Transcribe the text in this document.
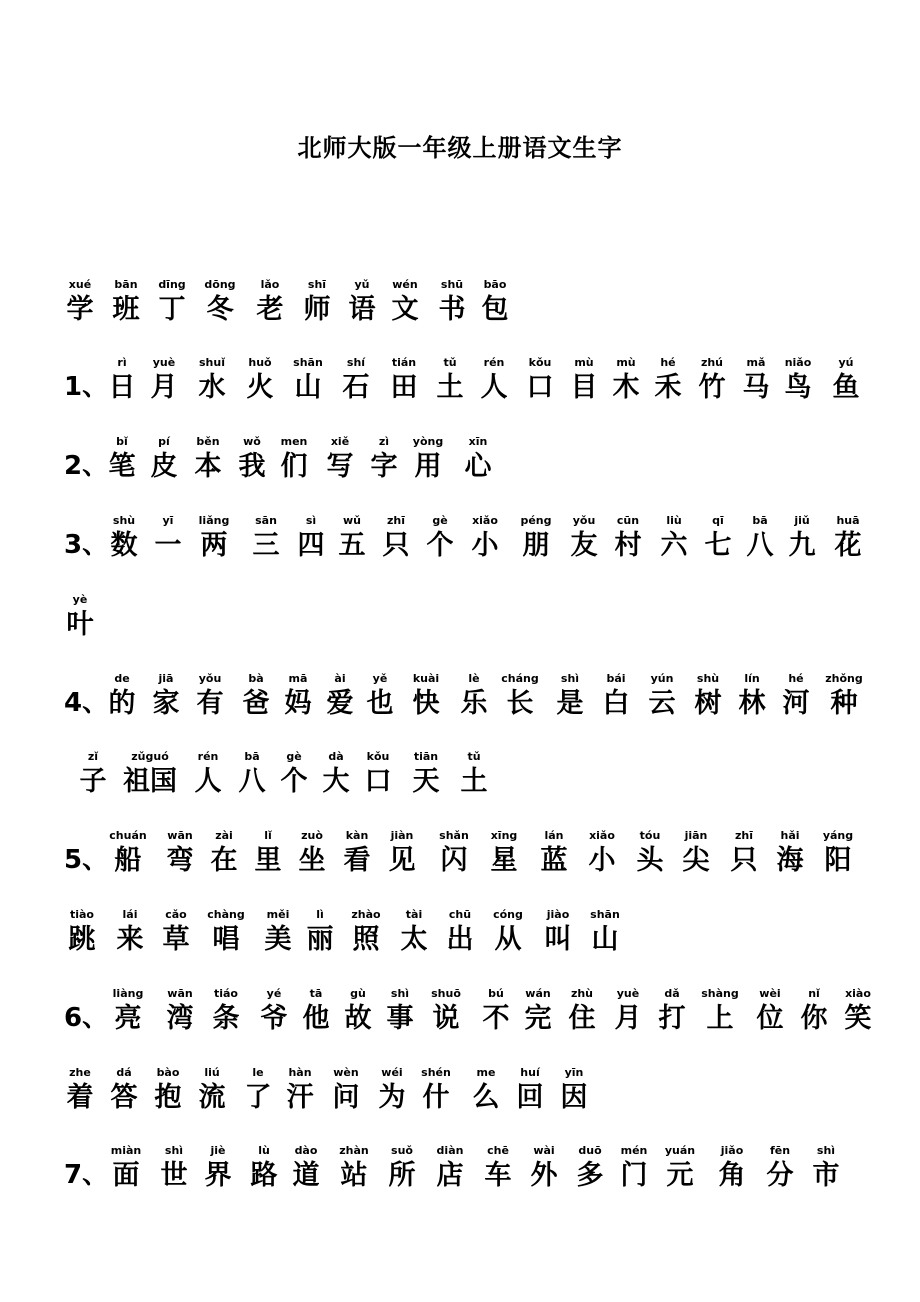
北师大版一年级上册语文生字
xué
学
bān
班
dīng
丁
dōng
冬
lǎo
老
shī
师
yǔ
语
wén
文
shū
书
bāo
包
1、
rì
日
yuè
月
shuǐ
水
huǒ
火
shān
山
shí
石
tián
田
tǔ
土
rén
人
kǒu
口
mù
目
mù
木
hé
禾
zhú
竹
mǎ
马
niǎo
鸟
yú
鱼
2、
bǐ
笔
pí
皮
běn
本
wǒ
我
men
们
xiě
写
zì
字
yòng
用
xīn
心
3、
shù
数
yī
一
liǎng
两
sān
三
sì
四
wǔ
五
zhī
只
gè
个
xiǎo
小
péng
朋
yǒu
友
cūn
村
liù
六
qī
七
bā
八
jiǔ
九
huā
花
yè
叶
4、
de
的
jiā
家
yǒu
有
bà
爸
mā
妈
ài
爱
yě
也
kuài
快
lè
乐
cháng
长
shì
是
bái
白
yún
云
shù
树
lín
林
hé
河
zhǒng
种
zǐ
子
zǔguó
祖国
rén
人
bā
八
gè
个
dà
大
kǒu
口
tiān
天
tǔ
土
5、
chuán
船
wān
弯
zài
在
lǐ
里
zuò
坐
kàn
看
jiàn
见
shǎn
闪
xīng
星
lán
蓝
xiǎo
小
tóu
头
jiān
尖
zhī
只
hǎi
海
yáng
阳
tiào
跳
lái
来
cǎo
草
chàng
唱
měi
美
lì
丽
zhào
照
tài
太
chū
出
cóng
从
jiào
叫
shān
山
6、
liàng
亮
wān
湾
tiáo
条
yé
爷
tā
他
gù
故
shì
事
shuō
说
bú
不
wán
完
zhù
住
yuè
月
dǎ
打
shàng
上
wèi
位
nǐ
你
xiào
笑
zhe
着
dá
答
bào
抱
liú
流
le
了
hàn
汗
wèn
问
wéi
为
shén
什
me
么
huí
回
yīn
因
7、
miàn
面
shì
世
jiè
界
lù
路
dào
道
zhàn
站
suǒ
所
diàn
店
chē
车
wài
外
duō
多
mén
门
yuán
元
jiǎo
角
fēn
分
shì
市
